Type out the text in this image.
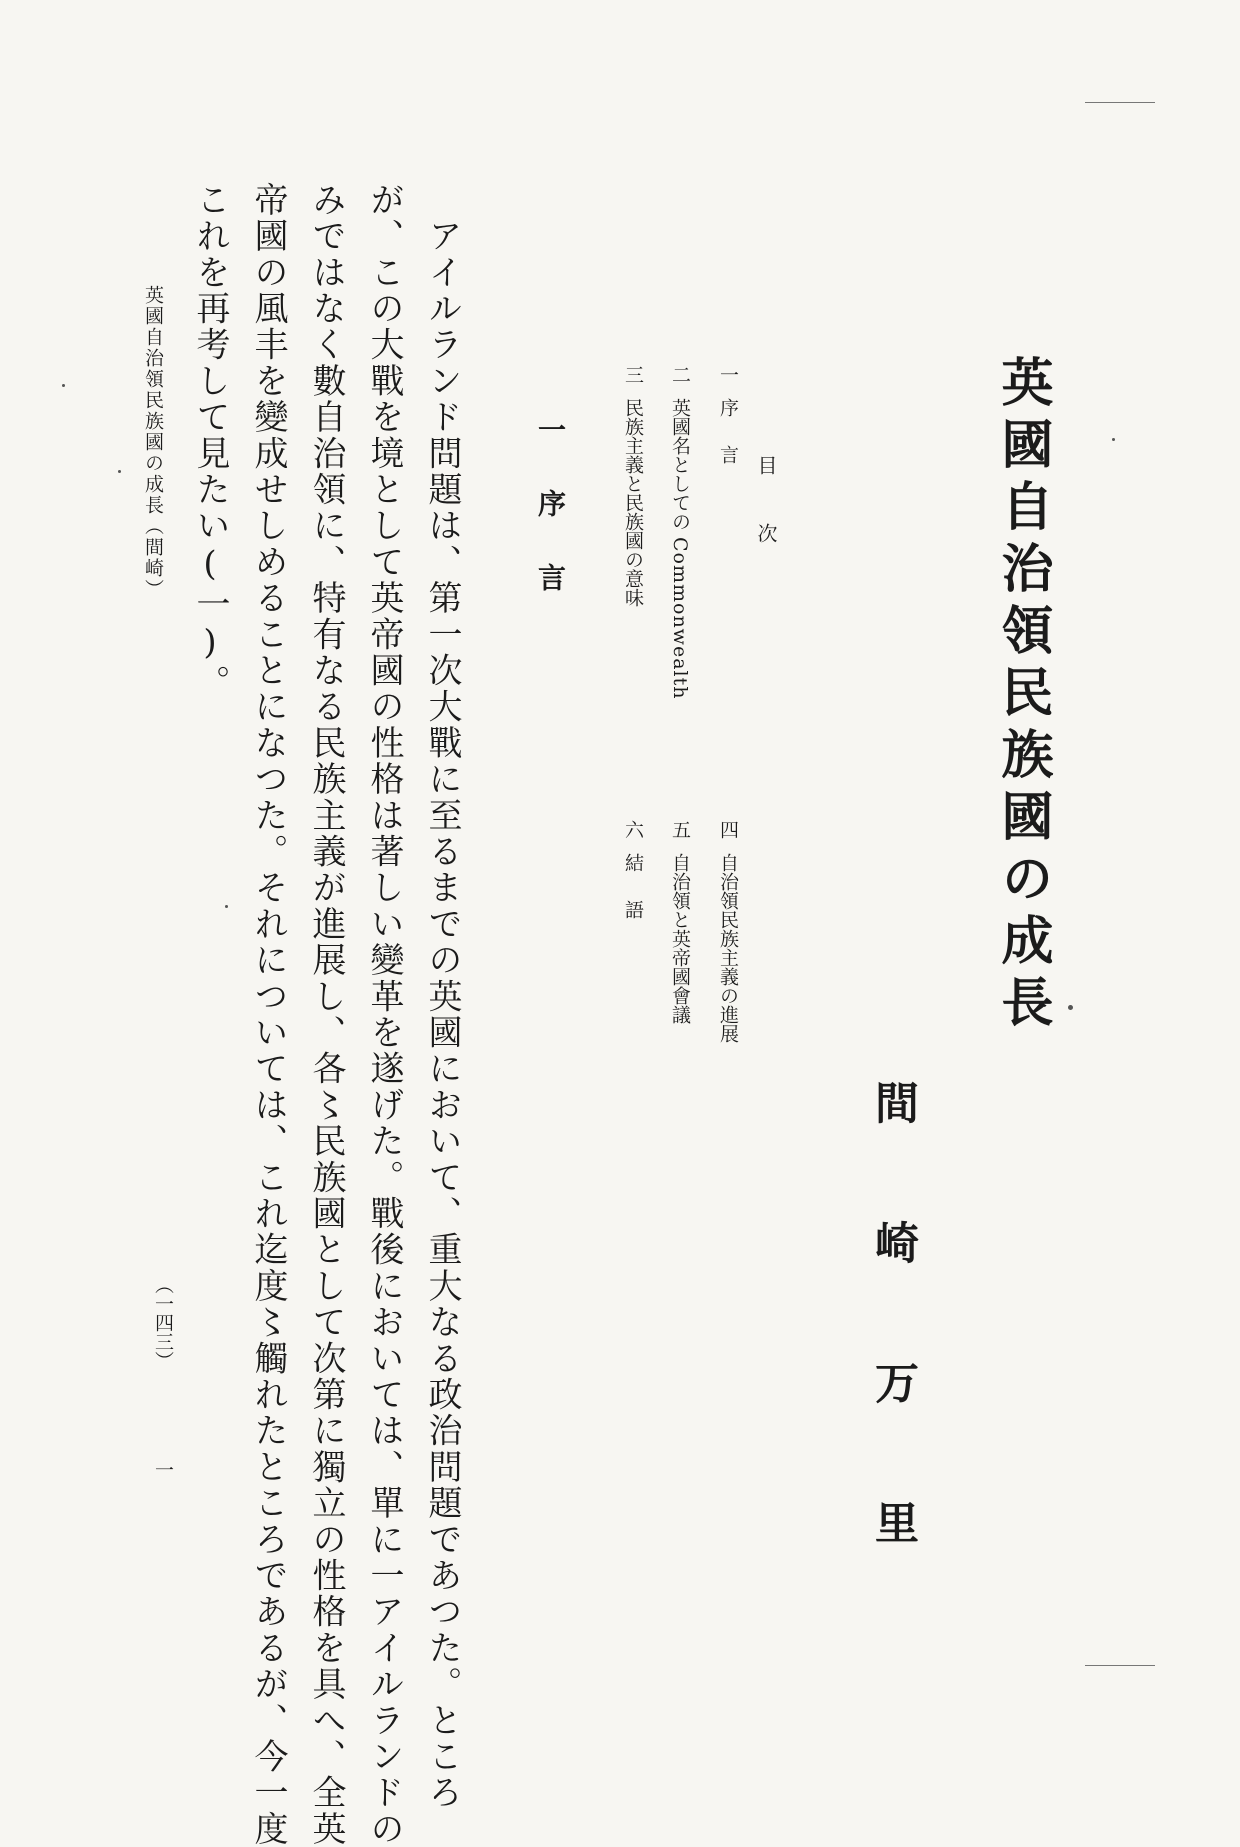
英國自治領民族國の成長
間崎万里
目次
一序言
二英國名としてのCommonwealth
三民族主義と民族國の意味
四自治領民族主義の進展
五自治領と英帝國會議
六結語
一序言
　アイルランド問題は、第一次大戰に至るまでの英國において、重大なる政治問題であつた。ところ
が、この大戰を境として英帝國の性格は著しい變革を遂げた。戰後においては、單に一アイルランドの
みではなく數自治領に、特有なる民族主義が進展し、各〻民族國として次第に獨立の性格を具へ、全英
帝國の風丰を變成せしめることになつた。それについては、これ迄度〻觸れたところであるが、今一度
これを再考して見たい(一)。
英國自治領民族國の成長（間崎）
（一四三）
一
